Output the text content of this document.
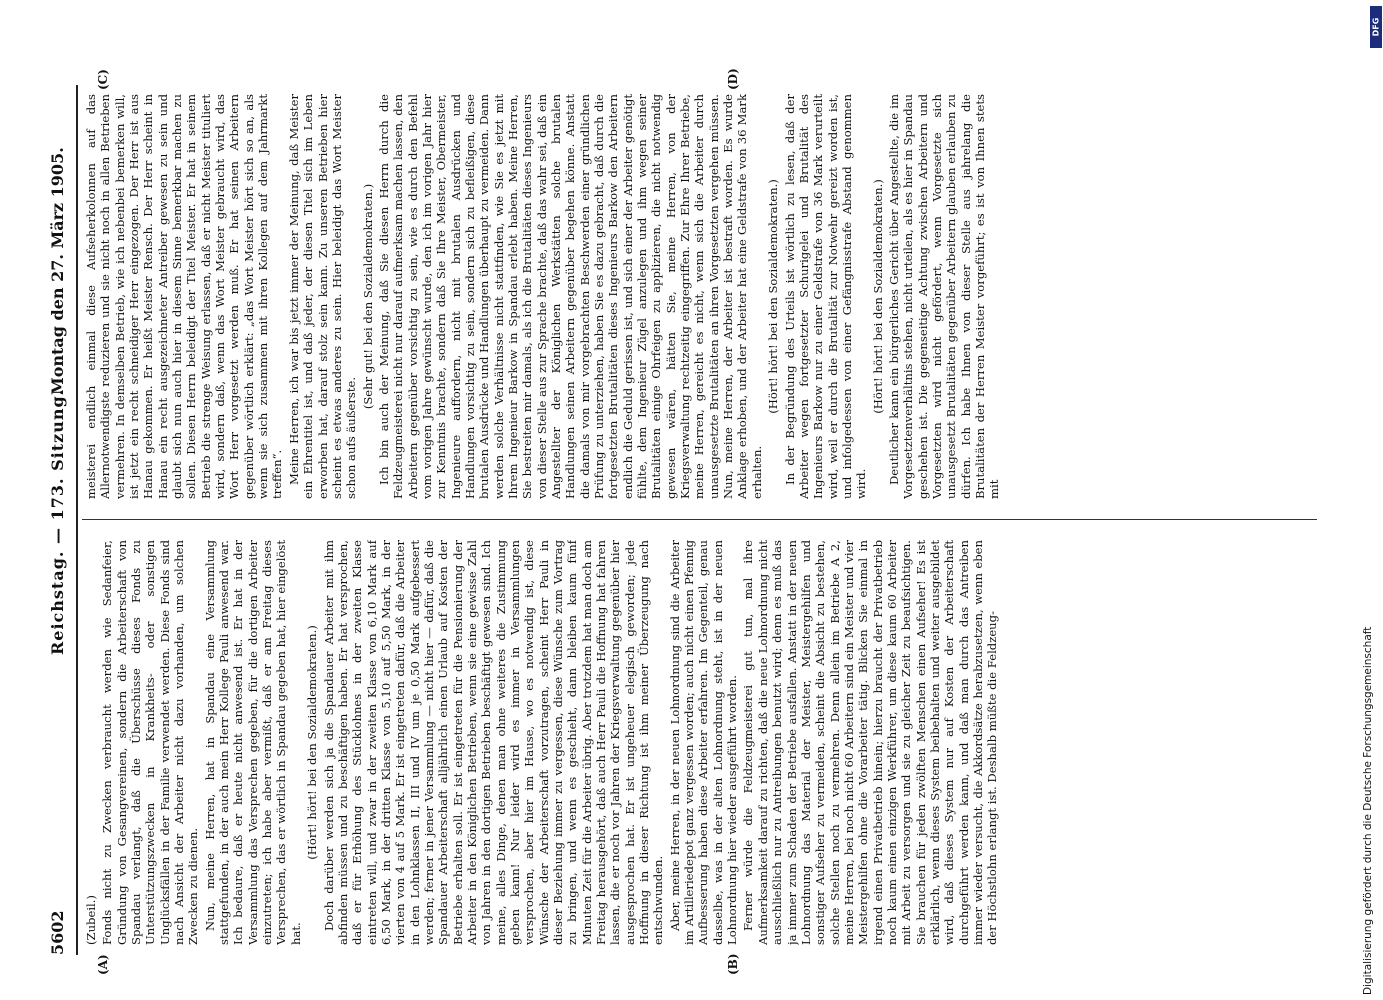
5602
Reichstag. — 173. Sitzung.
Montag den 27. März 1905.
(A)	(B)
(C)	(D)

(Zubeil.) Fonds nicht zu Zwecken verbraucht werden wie Sedanfeier, Gründung von Gesangvereinen, sondern die Arbeiterschaft von Spandau verlangt, daß die Überschüsse dieses Fonds zu Unterstützungszwecken in Krankheits- oder sonstigen Unglücksfällen in der Familie verwendet werden. Diese Fonds sind nach Ansicht der Arbeiter nicht dazu vorhanden, um solchen Zwecken zu dienen. Nun, meine Herren, hat in Spandau eine Versammlung stattgefunden, in der auch mein Herr Kollege Pauli anwesend war. Ich bedaure, daß er heute nicht anwesend ist. Er hat in der Versammlung das Versprechen gegeben, für die dortigen Arbeiter einzutreten; ich habe aber vermißt, daß er am Freitag dieses Versprechen, das er wörtlich in Spandau gegeben hat, hier eingelöst hat.

(Hört! hört! bei den Sozialdemokraten.) Doch darüber werden sich ja die Spandauer Arbeiter mit ihm abfinden müssen und zu beschäftigen haben. Er hat versprochen, daß er für Erhöhung des Stücklohnes in der zweiten Klasse eintreten will, und zwar in der zweiten Klasse von 6,10 Mark auf 6,50 Mark, in der dritten Klasse von 5,10 auf 5,50 Mark, in der vierten von 4 auf 5 Mark. Er ist eingetreten dafür, daß die Arbeiter in den Lohnklassen II, III und IV um je 0,50 Mark aufgebessert werden; ferner in jener Versammlung — nicht hier — dafür, daß die Spandauer Arbeiterschaft alljährlich einen Urlaub auf Kosten der Betriebe erhalten soll. Er ist eingetreten für die Pensionierung der Arbeiter in den Königlichen Betrieben, wenn sie eine gewisse Zahl von Jahren in den dortigen Betrieben beschäftigt gewesen sind. Ich meine, alles Dinge, denen man ohne weiteres die Zustimmung geben kann! Nur leider wird es immer in Versammlungen versprochen, aber hier im Hause, wo es notwendig ist, diese Wünsche der Arbeiterschaft vorzutragen, scheint Herr Pauli in dieser Beziehung immer zu vergessen, diese Wünsche zum Vortrag zu bringen, und wenn es geschieht, dann bleiben kaum fünf Minuten Zeit für die Arbeiter übrig. Aber trotzdem hat man doch am Freitag herausgehört, daß auch Herr Pauli die Hoffnung hat fahren lassen, die er noch vor Jahren der Kriegsverwaltung gegenüber hier ausgesprochen hat. Er ist ungeheuer elegisch geworden; jede Hoffnung in dieser Richtung ist ihm meiner Überzeugung nach entschwunden. Aber, meine Herren, in der neuen Lohnordnung sind die Arbeiter im Artilleriedepot ganz vergessen worden; auch nicht einen Pfennig Aufbesserung haben diese Arbeiter erfahren. Im Gegenteil, genau dasselbe, was in der alten Lohnordnung steht, ist in der neuen Lohnordnung hier wieder ausgeführt worden. Ferner würde die Feldzeugmeisterei gut tun, mal ihre Aufmerksamkeit darauf zu richten, daß die neue Lohnordnung nicht ausschließlich nur zu Antreibungen benutzt wird; denn es muß das ja immer zum Schaden der Betriebe ausfallen. Anstatt in der neuen Lohnordnung das Material der Meister, Meistergehilfen und sonstiger Aufseher zu vermeiden, scheint die Absicht zu bestehen, solche Stellen noch zu vermehren. Denn allein im Betriebe A 2, meine Herren, bei noch nicht 60 Arbeitern sind ein Meister und vier Meistergehilfen ohne die Vorarbeiter tätig. Blicken Sie einmal in irgend einen Privatbetrieb hinein; hierzu braucht der Privatbetrieb noch kaum einen einzigen Werkführer, um diese kaum 60 Arbeiter mit Arbeit zu versorgen und sie zu gleicher Zeit zu beaufsichtigen. Sie brauchen für jeden zwölften Menschen einen Aufseher! Es ist erklärlich, wenn dieses System beibehalten und weiter ausgebildet wird, daß dieses System nur auf Kosten der Arbeiterschaft durchgeführt werden kann, und daß man durch das Antreiben immer wieder versucht, die Akkordsätze herabzusetzen, wenn eben der Höchstlohn erlangt ist. Deshalb müßte die Feldzeug-

meisterei endlich einmal diese Aufseherkolonnen auf das Allernotwendigste reduzieren und sie nicht noch in allen Betrieben vermehren. In demselben Betrieb, wie ich nebenbei bemerken will, ist jetzt ein recht schneidiger Herr eingezogen. Der Herr ist aus Hanau gekommen. Er heißt Meister Rensch. Der Herr scheint in Hanau ein recht ausgezeichneter Antreiber gewesen zu sein und glaubt sich nun auch hier in diesem Sinne bemerkbar machen zu sollen. Diesen Herrn beleidigt der Titel Meister. Er hat in seinem Betrieb die strenge Weisung erlassen, daß er nicht Meister tituliert wird, sondern daß, wenn das Wort Meister gebraucht wird, das Wort Herr vorgesetzt werden muß. Er hat seinen Arbeitern gegenüber wörtlich erklärt: „das Wort Meister hört sich so an, als wenn sie sich zusammen mit ihren Kollegen auf dem Jahrmarkt treffen“. Meine Herren, ich war bis jetzt immer der Meinung, daß Meister ein Ehrentitel ist, und daß jeder, der diesen Titel sich im Leben erworben hat, darauf stolz sein kann. Zu unseren Betrieben hier scheint es etwas anderes zu sein. Hier beleidigt das Wort Meister schon aufs äußerste.

(Sehr gut! bei den Sozialdemokraten.) Ich bin auch der Meinung, daß Sie diesen Herrn durch die Feldzeugmeisterei nicht nur darauf aufmerksam machen lassen, den Arbeitern gegenüber vorsichtig zu sein, wie es durch den Befehl vom vorigen Jahre gewünscht wurde, den ich im vorigen Jahr hier zur Kenntnis brachte, sondern daß Sie Ihre Meister, Obermeister, Ingenieure auffordern, nicht mit brutalen Ausdrücken und Handlungen vorsichtig zu sein, sondern sich zu befleißigen, diese brutalen Ausdrücke und Handlungen überhaupt zu vermeiden. Dann werden solche Verhältnisse nicht stattfinden, wie Sie es jetzt mit Ihrem Ingenieur Barkow in Spandau erlebt haben. Meine Herren, Sie bestreiten mir damals, als ich die Brutalitäten dieses Ingenieurs von dieser Stelle aus zur Sprache brachte, daß das wahr sei, daß ein Angestellter der Königlichen Werkstätten solche brutalen Handlungen seinen Arbeitern gegenüber begehen könne. Anstatt die damals von mir vorgebrachten Beschwerden einer gründlichen Prüfung zu unterziehen, haben Sie es dazu gebracht, daß durch die fortgesetzten Brutalitäten dieses Ingenieurs Barkow den Arbeitern endlich die Geduld gerissen ist, und sich einer der Arbeiter genötigt fühlte, dem Ingenieur Zügel anzulegen und ihm wegen seiner Brutalitäten einige Ohrfeigen zu applizieren, die nicht notwendig gewesen wären, hätten Sie, meine Herren, von der Kriegsverwaltung rechtzeitig eingegriffen. Zur Ehre Ihrer Betriebe, meine Herren, gereicht es nicht, wenn sich die Arbeiter durch unausgesetzte Brutalitäten an ihren Vorgesetzten vergehen müssen. Nun, meine Herren, der Arbeiter ist bestraft worden. Es wurde Anklage erhoben, und der Arbeiter hat eine Geldstrafe von 36 Mark erhalten.

(Hört! hört! bei den Sozialdemokraten.) In der Begründung des Urteils ist wörtlich zu lesen, daß der Arbeiter wegen fortgesetzter Schurigelei und Brutalität des Ingenieurs Barkow nur zu einer Geldstrafe von 36 Mark verurteilt wird, weil er durch die Brutalität zur Notwehr gereizt worden ist, und infolgedessen von einer Gefängnisstrafe Abstand genommen wird.

(Hört! hört! bei den Sozialdemokraten.) Deutlicher kann ein bürgerliches Gericht über Angestellte, die im Vorgesetztenverhältnis stehen, nicht urteilen, als es hier in Spandau geschehen ist. Die gegenseitige Achtung zwischen Arbeitern und Vorgesetzten wird nicht gefördert, wenn Vorgesetzte sich unausgesetzt Brutalitäten gegenüber Arbeitern glauben erlauben zu dürfen. Ich habe Ihnen von dieser Stelle aus jahrelang die Brutalitäten der Herren Meister vorgeführt; es ist von Ihnen stets mit

Digitalisierung gefördert durch die Deutsche Forschungsgemeinschaft
DFG
